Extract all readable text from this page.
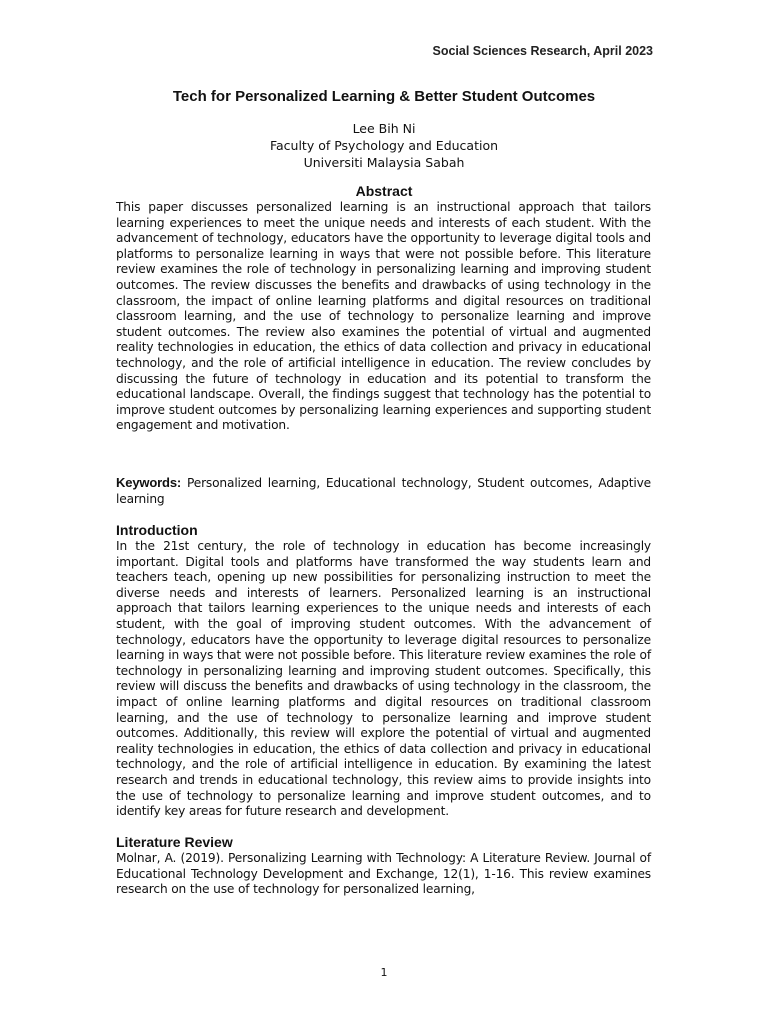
Social Sciences Research, April 2023
Tech for Personalized Learning & Better Student Outcomes
Lee Bih Ni
Faculty of Psychology and Education
Universiti Malaysia Sabah
Abstract
This paper discusses personalized learning is an instructional approach that tailors learning experiences to meet the unique needs and interests of each student. With the advancement of technology, educators have the opportunity to leverage digital tools and platforms to personalize learning in ways that were not possible before. This literature review examines the role of technology in personalizing learning and improving student outcomes. The review discusses the benefits and drawbacks of using technology in the classroom, the impact of online learning platforms and digital resources on traditional classroom learning, and the use of technology to personalize learning and improve student outcomes. The review also examines the potential of virtual and augmented reality technologies in education, the ethics of data collection and privacy in educational technology, and the role of artificial intelligence in education. The review concludes by discussing the future of technology in education and its potential to transform the educational landscape. Overall, the findings suggest that technology has the potential to improve student outcomes by personalizing learning experiences and supporting student engagement and motivation.
Keywords: Personalized learning, Educational technology, Student outcomes, Adaptive learning
Introduction
In the 21st century, the role of technology in education has become increasingly important. Digital tools and platforms have transformed the way students learn and teachers teach, opening up new possibilities for personalizing instruction to meet the diverse needs and interests of learners. Personalized learning is an instructional approach that tailors learning experiences to the unique needs and interests of each student, with the goal of improving student outcomes. With the advancement of technology, educators have the opportunity to leverage digital resources to personalize learning in ways that were not possible before. This literature review examines the role of technology in personalizing learning and improving student outcomes. Specifically, this review will discuss the benefits and drawbacks of using technology in the classroom, the impact of online learning platforms and digital resources on traditional classroom learning, and the use of technology to personalize learning and improve student outcomes. Additionally, this review will explore the potential of virtual and augmented reality technologies in education, the ethics of data collection and privacy in educational technology, and the role of artificial intelligence in education. By examining the latest research and trends in educational technology, this review aims to provide insights into the use of technology to personalize learning and improve student outcomes, and to identify key areas for future research and development.
Literature Review
Molnar, A. (2019). Personalizing Learning with Technology: A Literature Review. Journal of Educational Technology Development and Exchange, 12(1), 1-16. This review examines research on the use of technology for personalized learning,
1
